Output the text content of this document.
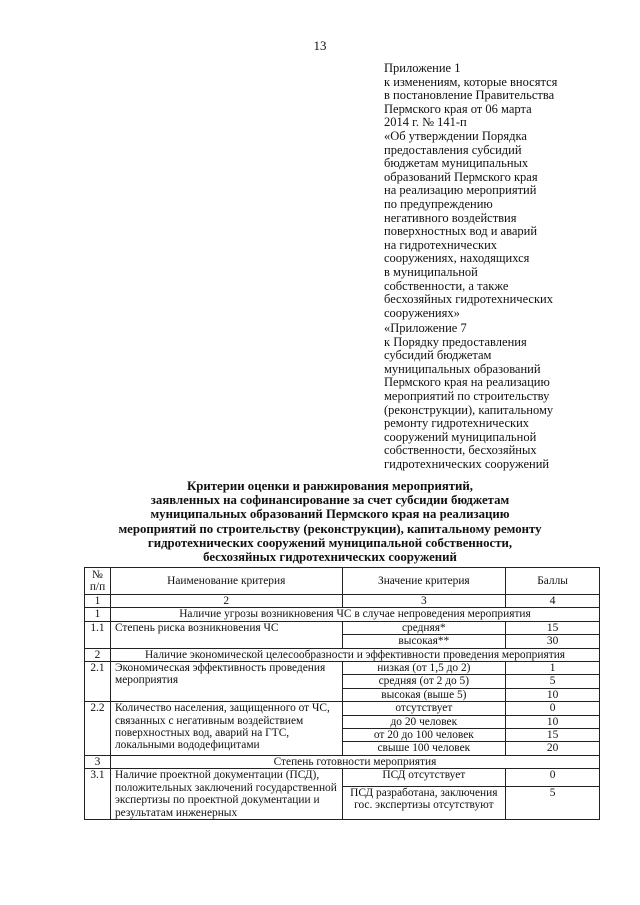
13
Приложение 1
к изменениям, которые вносятся
в постановление Правительства
Пермского края от 06 марта
2014 г. № 141-п
«Об утверждении Порядка
предоставления субсидий
бюджетам муниципальных
образований Пермского края
на реализацию мероприятий
по предупреждению
негативного воздействия
поверхностных вод и аварий
на гидротехнических
сооружениях, находящихся
в муниципальной
собственности, а также
бесхозяйных гидротехнических
сооружениях»
«Приложение 7
к Порядку предоставления
субсидий бюджетам
муниципальных образований
Пермского края на реализацию
мероприятий по строительству
(реконструкции), капитальному
ремонту гидротехнических
сооружений муниципальной
собственности, бесхозяйных
гидротехнических сооружений
Критерии оценки и ранжирования мероприятий,
заявленных на софинансирование за счет субсидии бюджетам
муниципальных образований Пермского края на реализацию
мероприятий по строительству (реконструкции), капитальному ремонту
гидротехнических сооружений муниципальной собственности,
бесхозяйных гидротехнических сооружений
№ п/п	Наименование критерия	Значение критерия	Баллы
1	2	3	4
1	Наличие угрозы возникновения ЧС в случае непроведения мероприятия		
1.1	Степень риска возникновения ЧС	средняя*	15
		высокая**	30
2	Наличие экономической целесообразности и эффективности проведения мероприятия		
2.1	Экономическая эффективность проведения мероприятия	низкая (от 1,5 до 2)	1
		средняя (от 2 до 5)	5
		высокая (выше 5)	10
2.2	Количество населения, защищенного от ЧС, связанных с негативным воздействием поверхностных вод, аварий на ГТС, локальными вододефицитами	отсутствует	0
		до 20 человек	10
		от 20 до 100 человек	15
		свыше 100 человек	20
3	Степень готовности мероприятия		
3.1	Наличие проектной документации (ПСД), положительных заключений государственной экспертизы по проектной документации и результатам инженерных	ПСД отсутствует	0
		ПСД разработана, заключения гос. экспертизы отсутствуют	5
